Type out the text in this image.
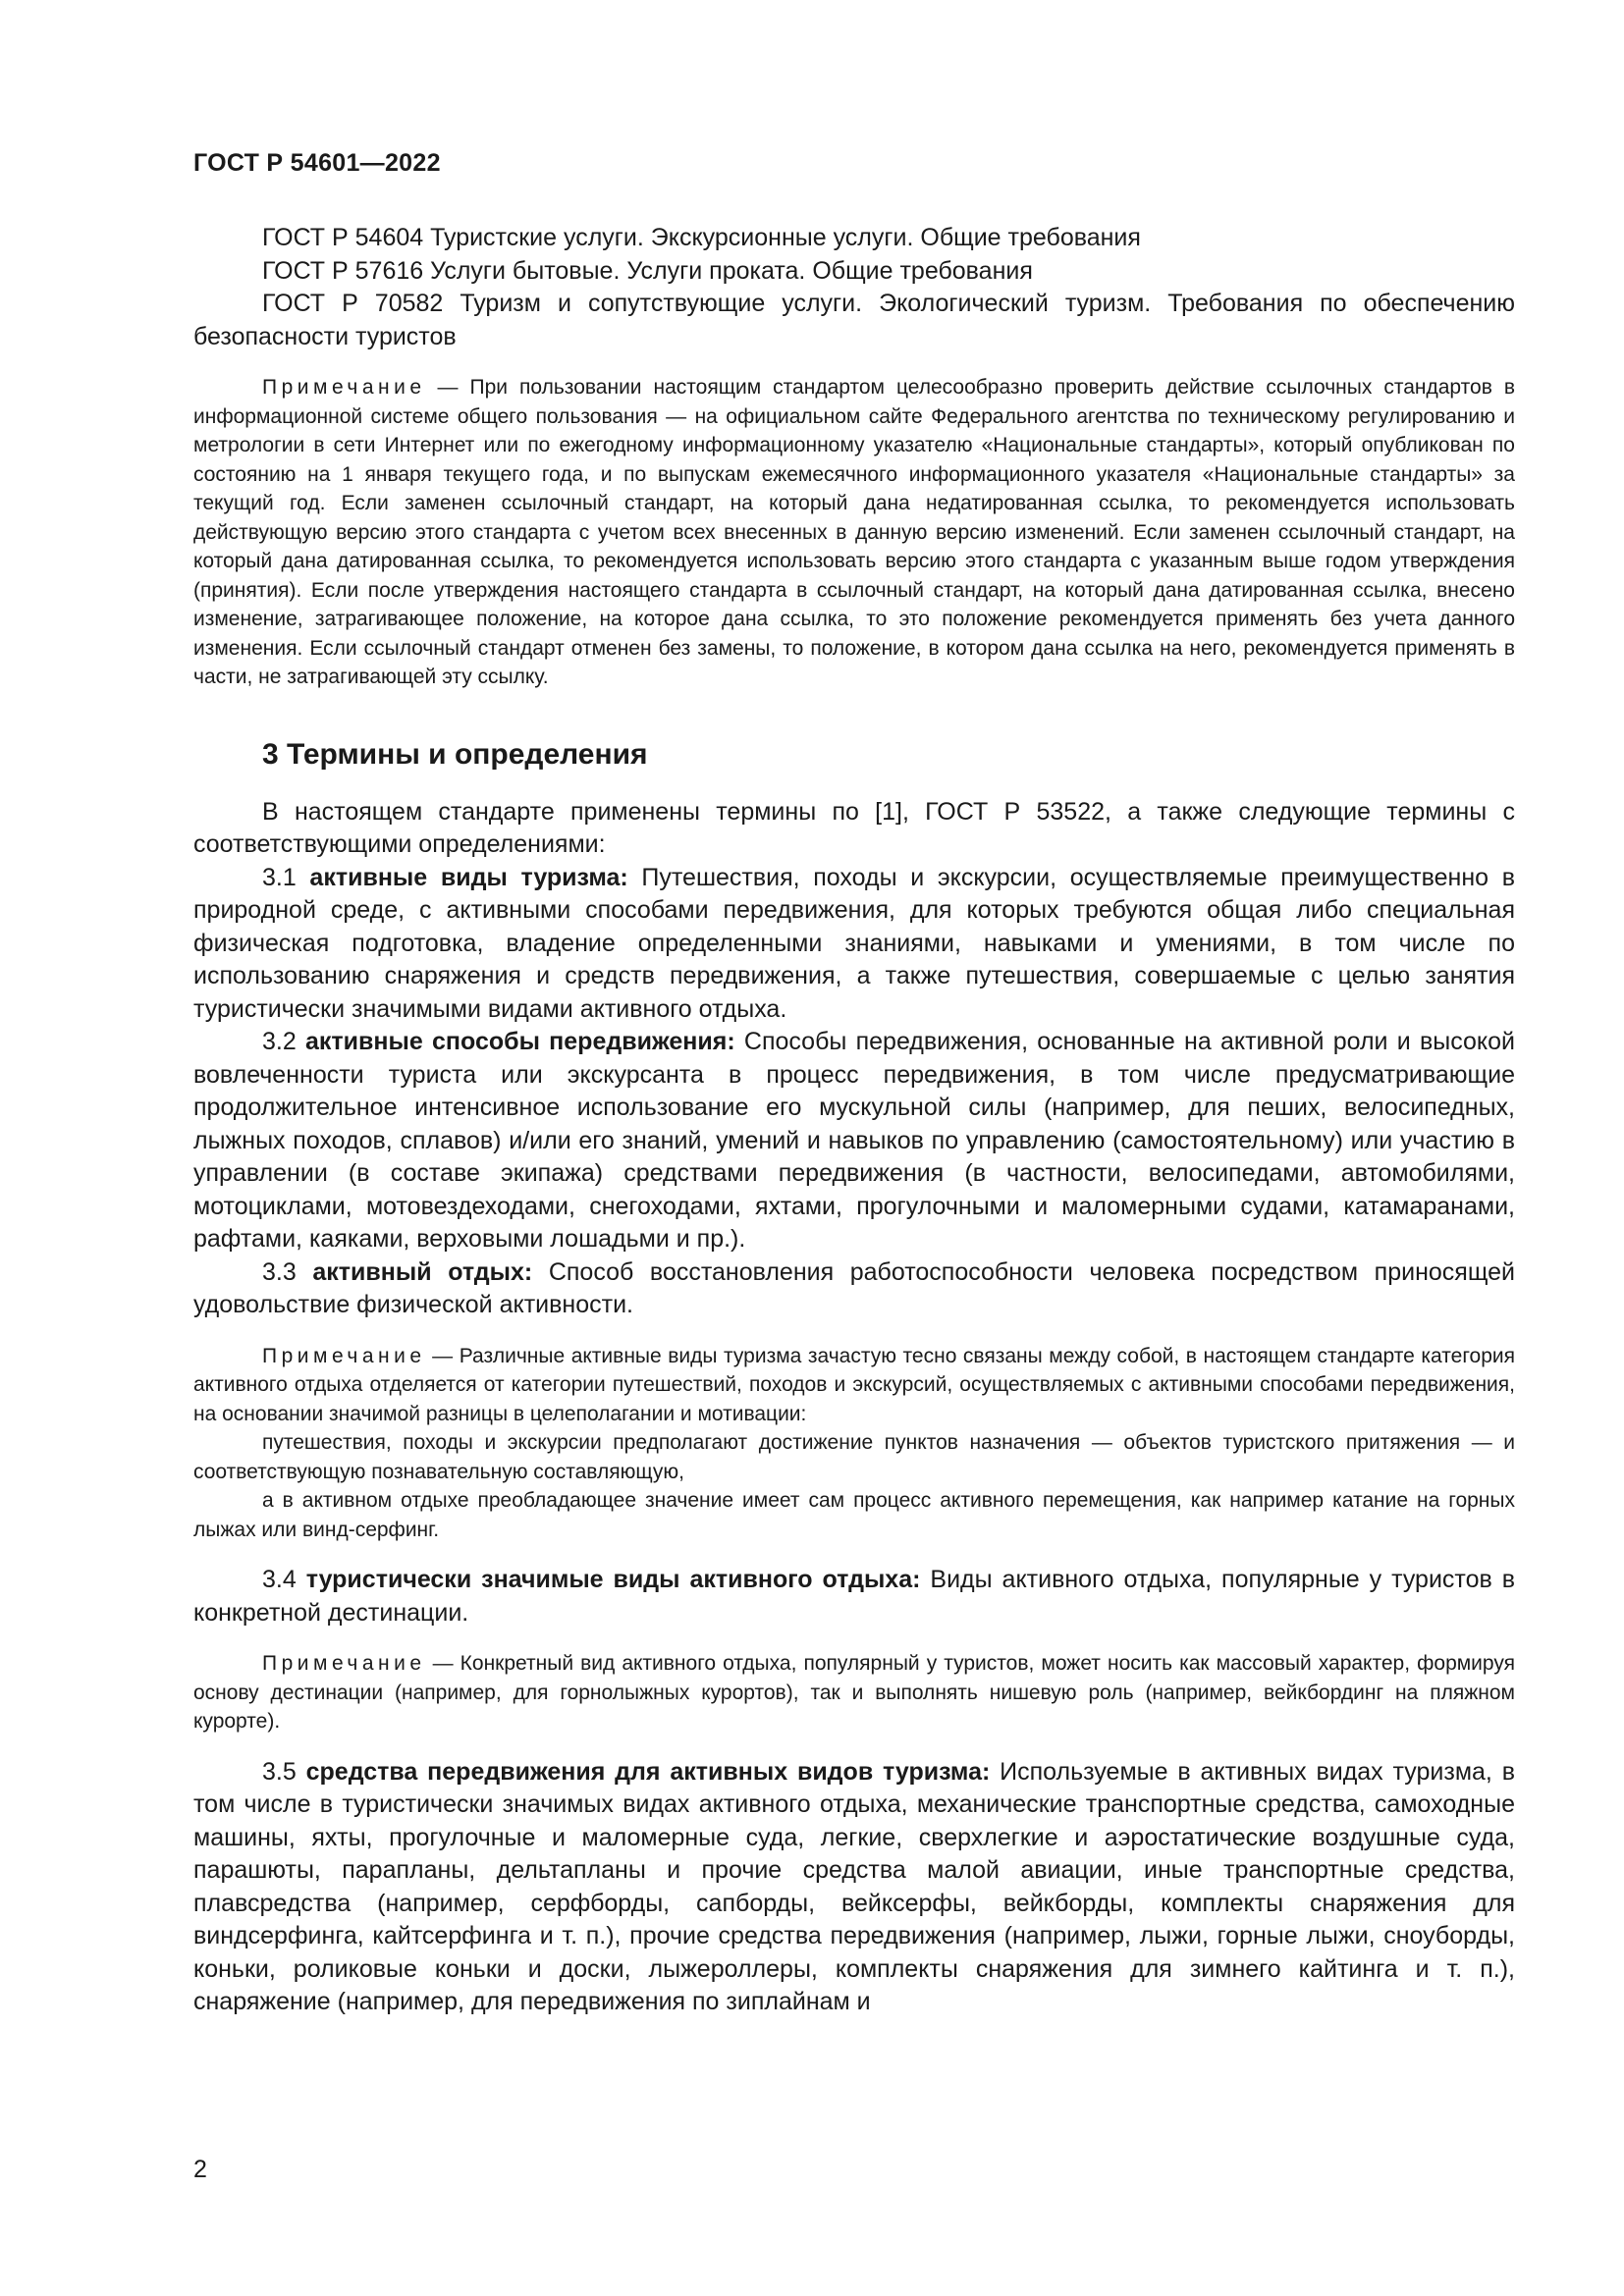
ГОСТ Р 54601—2022

ГОСТ Р 54604 Туристские услуги. Экскурсионные услуги. Общие требования

ГОСТ Р 57616 Услуги бытовые. Услуги проката. Общие требования

ГОСТ Р 70582 Туризм и сопутствующие услуги. Экологический туризм. Требования по обеспечению безопасности туристов

Примечание — При пользовании настоящим стандартом целесообразно проверить действие ссылочных стандартов в информационной системе общего пользования — на официальном сайте Федерального агентства по техническому регулированию и метрологии в сети Интернет или по ежегодному информационному указателю «Национальные стандарты», который опубликован по состоянию на 1 января текущего года, и по выпускам ежемесячного информационного указателя «Национальные стандарты» за текущий год. Если заменен ссылочный стандарт, на который дана недатированная ссылка, то рекомендуется использовать действующую версию этого стандарта с учетом всех внесенных в данную версию изменений. Если заменен ссылочный стандарт, на который дана датированная ссылка, то рекомендуется использовать версию этого стандарта с указанным выше годом утверждения (принятия). Если после утверждения настоящего стандарта в ссылочный стандарт, на который дана датированная ссылка, внесено изменение, затрагивающее положение, на которое дана ссылка, то это положение рекомендуется применять без учета данного изменения. Если ссылочный стандарт отменен без замены, то положение, в котором дана ссылка на него, рекомендуется применять в части, не затрагивающей эту ссылку.

3 Термины и определения

В настоящем стандарте применены термины по [1], ГОСТ Р 53522, а также следующие термины с соответствующими определениями:

3.1 активные виды туризма: Путешествия, походы и экскурсии, осуществляемые преимущественно в природной среде, с активными способами передвижения, для которых требуются общая либо специальная физическая подготовка, владение определенными знаниями, навыками и умениями, в том числе по использованию снаряжения и средств передвижения, а также путешествия, совершаемые с целью занятия туристически значимыми видами активного отдыха.

3.2 активные способы передвижения: Способы передвижения, основанные на активной роли и высокой вовлеченности туриста или экскурсанта в процесс передвижения, в том числе предусматривающие продолжительное интенсивное использование его мускульной силы (например, для пеших, велосипедных, лыжных походов, сплавов) и/или его знаний, умений и навыков по управлению (самостоятельному) или участию в управлении (в составе экипажа) средствами передвижения (в частности, велосипедами, автомобилями, мотоциклами, мотовездеходами, снегоходами, яхтами, прогулочными и маломерными судами, катамаранами, рафтами, каяками, верховыми лошадьми и пр.).

3.3 активный отдых: Способ восстановления работоспособности человека посредством приносящей удовольствие физической активности.

Примечание — Различные активные виды туризма зачастую тесно связаны между собой, в настоящем стандарте категория активного отдыха отделяется от категории путешествий, походов и экскурсий, осуществляемых с активными способами передвижения, на основании значимой разницы в целеполагании и мотивации:

путешествия, походы и экскурсии предполагают достижение пунктов назначения — объектов туристского притяжения — и соответствующую познавательную составляющую,

а в активном отдыхе преобладающее значение имеет сам процесс активного перемещения, как например катание на горных лыжах или винд-серфинг.

3.4 туристически значимые виды активного отдыха: Виды активного отдыха, популярные у туристов в конкретной дестинации.

Примечание — Конкретный вид активного отдыха, популярный у туристов, может носить как массовый характер, формируя основу дестинации (например, для горнолыжных курортов), так и выполнять нишевую роль (например, вейкбординг на пляжном курорте).

3.5 средства передвижения для активных видов туризма: Используемые в активных видах туризма, в том числе в туристически значимых видах активного отдыха, механические транспортные средства, самоходные машины, яхты, прогулочные и маломерные суда, легкие, сверхлегкие и аэростатические воздушные суда, парашюты, парапланы, дельтапланы и прочие средства малой авиации, иные транспортные средства, плавсредства (например, серфборды, сапборды, вейксерфы, вейкборды, комплекты снаряжения для виндсерфинга, кайтсерфинга и т. п.), прочие средства передвижения (например, лыжи, горные лыжи, сноуборды, коньки, роликовые коньки и доски, лыжероллеры, комплекты снаряжения для зимнего кайтинга и т. п.), снаряжение (например, для передвижения по зиплайнам и

2
